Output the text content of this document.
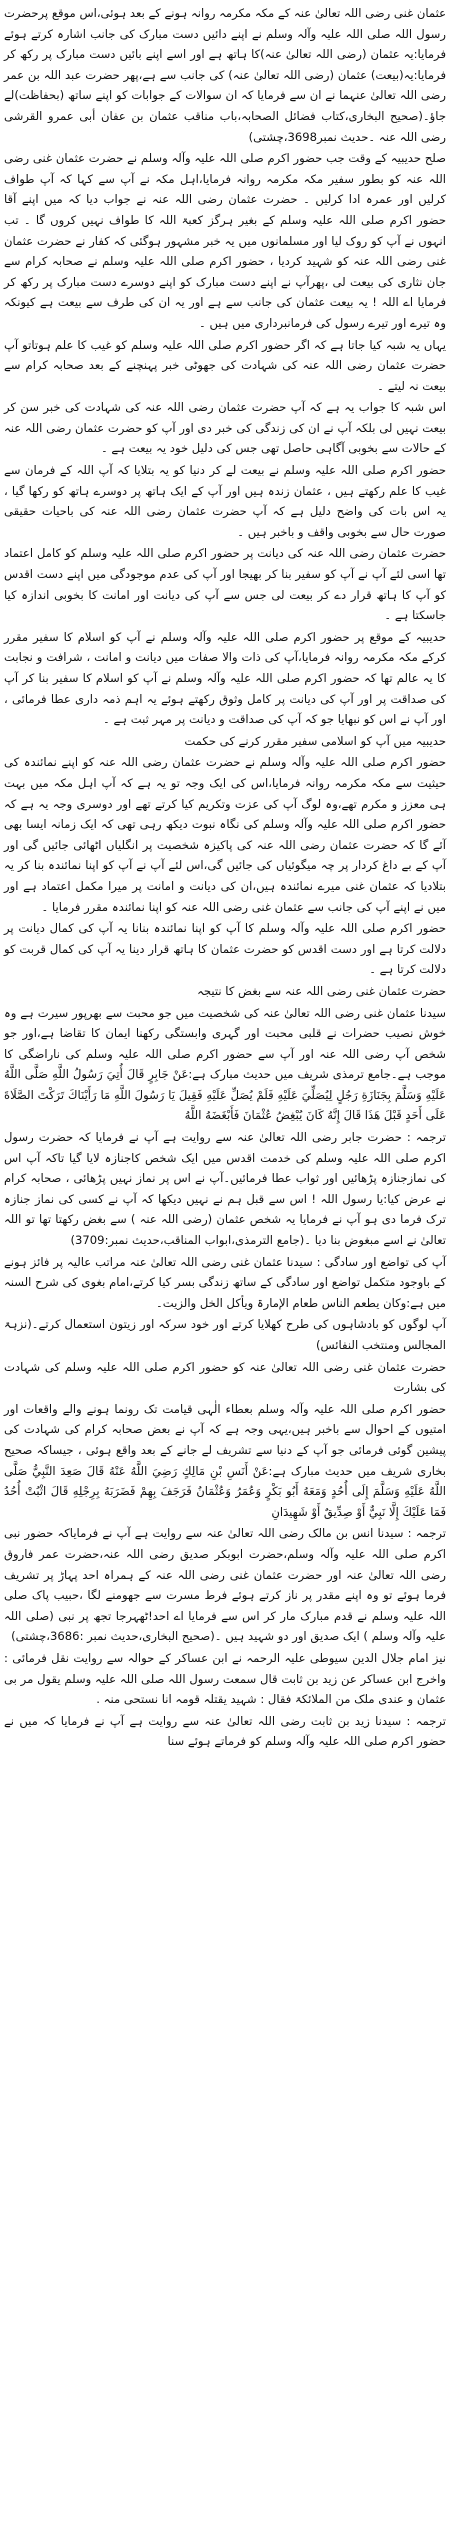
عثمان غنی رضی اللہ تعالیٰ عنہ کے مکہ مکرمہ روانہ ہونے کے بعد ہوئی،اس موقع پرحضرت رسول اللہ صلی اللہ علیہ وآلہ وسلم نے اپنے دائیں دست مبارک کی جانب اشارہ کرتے ہوئے فرمایا:یہ عثمان (رضی اللہ تعالیٰ عنہ)کا ہاتھ ہے اور اسے اپنے بائیں دست مبارک پر رکھ کر فرمایا:یہ(بیعت) عثمان (رضی اللہ تعالیٰ عنہ) کی جانب سے ہے،پھر حضرت عبد اللہ بن عمر رضی اللہ تعالیٰ عنہما نے ان سے فرمایا کہ ان سوالات کے جوابات کو اپنے ساتھ (بحفاظت)لے جاؤ۔(صحیح البخاری،کتاب فضائل الصحابہ،باب مناقب عثمان بن عفان أبی عمرو القرشی رضی اللہ عنہ ۔حدیث نمبر3698،چشتی)

صلح حدیبیہ کے وقت جب حضور اکرم صلی اللہ علیہ وآلہ وسلم نے حضرت عثمان غنی رضی اللہ عنہ کو بطور سفیر مکہ مکرمہ روانہ فرمایا،اہل مکہ نے آپ سے کہا کہ آپ طواف کرلیں اور عمرہ ادا کرلیں ۔ حضرت عثمان رضی اللہ عنہ نے جواب دیا کہ میں اپنے آقا حضور اکرم صلی اللہ علیہ وسلم کے بغیر ہرگز کعبۃ اللہ کا طواف نہیں کروں گا ۔ تب انہوں نے آپ کو روک لیا اور مسلمانوں میں یہ خبر مشہور ہوگئی کہ کفار نے حضرت عثمان غنی رضی اللہ عنہ کو شہید کردیا ، حضور اکرم صلی اللہ علیہ وسلم نے صحابہ کرام سے جان نثاری کی بیعت لی ،پھرآپ نے اپنے دست مبارک کو اپنے دوسرے دست مبارک پر رکھ کر فرمایا اے اللہ ! یہ بیعت عثمان کی جانب سے ہے اور یہ ان کی طرف سے بیعت ہے کیونکہ وہ تیرے اور تیرے رسول کی فرمانبرداری میں ہیں ۔

یہاں یہ شبہ کیا جاتا ہے کہ اگر حضور اکرم صلی اللہ علیہ وسلم کو غیب کا علم ہوتاتو آپ حضرت عثمان رضی اللہ عنہ کی شہادت کی جھوٹی خبر پہنچنے کے بعد صحابہ کرام سے بیعت نہ لیتے ۔

اس شبہ کا جواب یہ ہے کہ آپ حضرت عثمان رضی اللہ عنہ کی شہادت کی خبر سن کر بیعت نہیں لی بلکہ آپ نے ان کی زندگی کی خبر دی اور آپ کو حضرت عثمان رضی اللہ عنہ کے حالات سے بخوبی آگاہی حاصل تھی جس کی دلیل خود یہ بیعت ہے ۔

حضور اکرم صلی اللہ علیہ وسلم نے بیعت لے کر دنیا کو یہ بتلایا کہ آپ اللہ کے فرمان سے غیب کا علم رکھتے ہیں ، عثمان زندہ ہیں اور آپ کے ایک ہاتھ پر دوسرے ہاتھ کو رکھا گیا ، یہ اس بات کی واضح دلیل ہے کہ آپ حضرت عثمان رضی اللہ عنہ کی باحیات حقیقی صورت حال سے بخوبی واقف و باخبر ہیں ۔

حضرت عثمان رضی اللہ عنہ کی دیانت پر حضور اکرم صلی اللہ علیہ وسلم کو کامل اعتماد تھا اسی لئے آپ نے آپ کو سفیر بنا کر بھیجا اور آپ کی عدم موجودگی میں اپنے دست اقدس کو آپ کا ہاتھ قرار دے کر بیعت لی جس سے آپ کی دیانت اور امانت کا بخوبی اندازہ کیا جاسکتا ہے ۔

حدیبیہ کے موقع پر حضور اکرم صلی اللہ علیہ وآلہ وسلم نے آپ کو اسلام کا سفیر مقرر کرکے مکہ مکرمہ روانہ فرمایا،آپ کی ذات والا صفات میں دیانت و امانت ، شرافت و نجابت کا یہ عالم تھا کہ حضور اکرم صلی اللہ علیہ وآلہ وسلم نے آپ کو اسلام کا سفیر بنا کر آپ کی صداقت پر اور آپ کی دیانت پر کامل وثوق رکھتے ہوئے یہ اہم ذمہ داری عطا فرمائی ، اور آپ نے اس کو نبھایا جو کہ آپ کی صداقت و دیانت پر مہر ثبت ہے ۔

حدیبیہ میں آپ کو اسلامی سفیر مقرر کرنے کی حکمت

حضور اکرم صلی اللہ علیہ وآلہ وسلم نے حضرت عثمان رضی اللہ عنہ کو اپنے نمائندہ کی حیثیت سے مکہ مکرمہ روانہ فرمایا،اس کی ایک وجہ تو یہ ہے کہ آپ اہل مکہ میں بہت ہی معزز و مکرم تھے،وہ لوگ آپ کی عزت وتکریم کیا کرتے تھے اور دوسری وجہ یہ ہے کہ حضور اکرم صلی اللہ علیہ وآلہ وسلم کی نگاہ نبوت دیکھ رہی تھی کہ ایک زمانہ ایسا بھی آئے گا کہ حضرت عثمان رضی اللہ عنہ کی پاکیزہ شخصیت پر انگلیاں اٹھائی جائیں گی اور آپ کے بے داغ کردار پر چہ میگوئیاں کی جائیں گی،اس لئے آپ نے آپ کو اپنا نمائندہ بنا کر یہ بتلادیا کہ عثمان غنی میرے نمائندہ ہیں،ان کی دیانت و امانت پر میرا مکمل اعتماد ہے اور میں نے اپنے آپ کی جانب سے عثمان غنی رضی اللہ عنہ کو اپنا نمائندہ مقرر فرمایا ۔

حضور اکرم صلی اللہ علیہ وآلہ وسلم کا آپ کو اپنا نمائندہ بنانا یہ آپ کی کمال دیانت پر دلالت کرتا ہے اور دست اقدس کو حضرت عثمان کا ہاتھ قرار دینا یہ آپ کی کمال قربت کو دلالت کرتا ہے ۔

حضرت عثمان غنی رضی اللہ عنہ سے بغض کا نتیجہ

سیدنا عثمان غنی رضی اللہ تعالیٰ عنہ کی شخصیت میں جو محبت سے بھرپور سیرت ہے وہ خوش نصیب حضرات نے قلبی محبت اور گہری وابستگی رکھنا ایمان کا تقاضا ہے،اور جو شخص آپ رضی اللہ عنہ اور آپ سے حضور اکرم صلی اللہ علیہ وسلم کی ناراضگی کا موجب ہے۔جامع ترمذی شریف میں حدیث مبارک ہے:عَنْ جَابِرٍ قَالَ أُتِيَ رَسُولُ اللَّهِ صَلَّى اللَّهُ عَلَيْهِ وَسَلَّمَ بِجَنَازَةِ رَجُلٍ لِيُصَلِّيَ عَلَيْهِ فَلَمْ يُصَلِّ عَلَيْهِ فَقِيلَ يَا رَسُولَ اللَّهِ مَا رَأَيْنَاكَ تَرَكْتَ الصَّلَاةَ عَلَى أَحَدٍ قَبْلَ هَذَا قَالَ إِنَّهُ كَانَ يُبْغِضُ عُثْمَانَ فَأَبْغَضَهُ اللَّهُ

ترجمہ : حضرت جابر رضی اللہ تعالیٰ عنہ سے روایت ہے آپ نے فرمایا کہ حضرت رسول اکرم صلی اللہ علیہ وسلم کی خدمت اقدس میں ایک شخص کاجنازہ لایا گیا تاکہ آپ اس کی نمازجنازہ پڑھائیں اور ثواب عطا فرمائیں۔آپ نے اس پر نماز نہیں پڑھائی ، صحابہ کرام نے عرض کیا:یا رسول اللہ ! اس سے قبل ہم نے نہیں دیکھا کہ آپ نے کسی کی نماز جنازہ ترک فرما دی ہو آپ نے فرمایا یہ شخص عثمان (رضی اللہ عنہ ) سے بغض رکھتا تھا تو اللہ تعالیٰ نے اسے مبغوض بنا دیا ۔(جامع الترمذی،ابواب المناقب،حدیث نمبر:3709)

آپ کی تواضع اور سادگی : سیدنا عثمان غنی رضی اللہ تعالیٰ عنہ مراتب عالیہ پر فائز ہونے کے باوجود متکمل تواضع اور سادگی کے ساتھ زندگی بسر کیا کرتے،امام بغوی کی شرح السنہ میں ہے:وکان یطعم الناس طعام الإمارۃ ویأکل الخل والزیت۔

آپ لوگوں کو بادشاہوں کی طرح کھلایا کرتے اور خود سرکہ اور زیتون استعمال کرتے۔(نزہۃ المجالس ومنتخب النفائس)

حضرت عثمان غنی رضی اللہ تعالیٰ عنہ کو حضور اکرم صلی اللہ علیہ وسلم کی شہادت کی بشارت

حضور اکرم صلی اللہ علیہ وآلہ وسلم بعطاء الٰہی قیامت تک رونما ہونے والے واقعات اور امتیوں کے احوال سے باخبر ہیں،یہی وجہ ہے کہ آپ نے بعض صحابہ کرام کی شہادت کی پیشین گوئی فرمائی جو آپ کے دنیا سے تشریف لے جانے کے بعد واقع ہوئی ، جیساکہ صحیح بخاری شریف میں حدیث مبارک ہے:عَنْ أَنَسِ بْنِ مَالِكٍ رَضِيَ اللَّهُ عَنْهُ قَالَ صَعِدَ النَّبِيُّ صَلَّى اللَّهُ عَلَيْهِ وَسَلَّمَ إِلَى أُحُدٍ وَمَعَهُ أَبُو بَكْرٍ وَعُمَرُ وَعُثْمَانُ فَرَجَفَ بِهِمْ فَضَرَبَهُ بِرِجْلِهِ قَالَ اثْبُتْ أُحُدُ فَمَا عَلَيْكَ إِلَّا نَبِيٌّ أَوْ صِدِّيقٌ أَوْ شَهِيدَانِ

ترجمہ : سیدنا انس بن مالک رضی اللہ تعالیٰ عنہ سے روایت ہے آپ نے فرمایاکہ حضور نبی اکرم صلی اللہ علیہ وآلہ وسلم،حضرت ابوبکر صدیق رضی اللہ عنہ،حضرت عمر فاروق رضی اللہ تعالیٰ عنہ اور حضرت عثمان غنی رضی اللہ عنہ کے ہمراہ احد پہاڑ پر تشریف فرما ہوئے تو وہ اپنے مقدر پر ناز کرتے ہوئے فرط مسرت سے جھومنے لگا ،حبیب پاک صلی اللہ علیہ وسلم نے قدم مبارک مار کر اس سے فرمایا اے احد!ٹھہرجا تجھ پر نبی (صلی اللہ علیہ وآلہ وسلم ) ایک صدیق اور دو شہید ہیں ۔(صحیح البخاری،حدیث نمبر :3686،چشتی)

نیز امام جلال الدین سیوطی علیہ الرحمہ نے ابن عساکر کے حوالہ سے روایت نقل فرمائی : واخرج ابن عساکر عن زید بن ثابت قال سمعت رسول اللہ صلی اللہ علیہ وسلم یقول مر بی عثمان و عندی ملک من الملائکۃ فقال : شہید یقتلہ قومہ انا نستحی منہ .

ترجمہ : سیدنا زید بن ثابت رضی اللہ تعالیٰ عنہ سے روایت ہے آپ نے فرمایا کہ میں نے حضور اکرم صلی اللہ علیہ وآلہ وسلم کو فرماتے ہوئے سنا
